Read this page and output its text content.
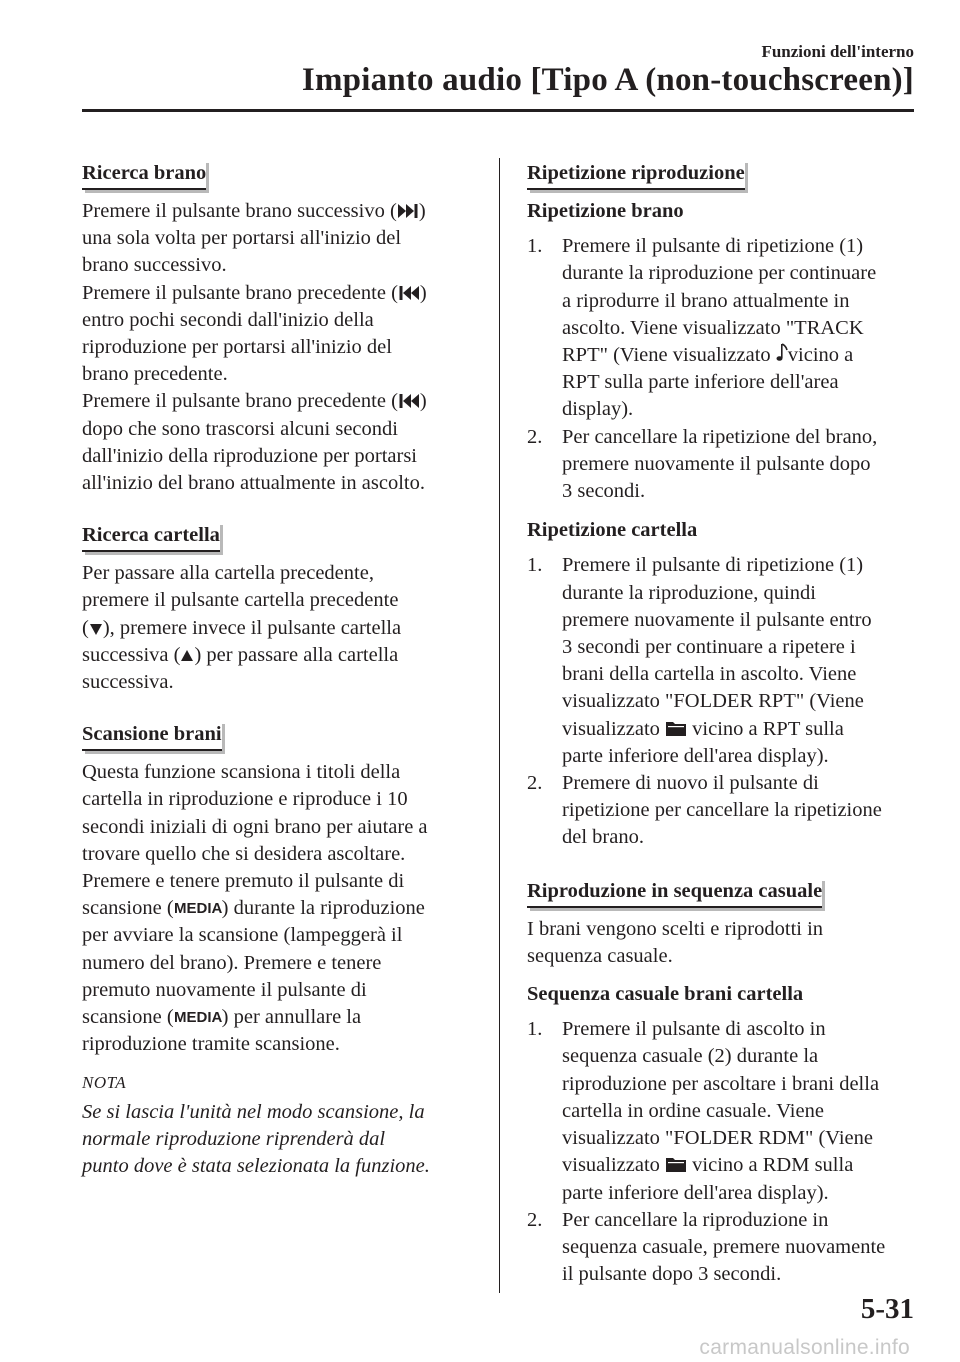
Funzioni dell'interno
Impianto audio [Tipo A (non-touchscreen)]
Ricerca brano

Premere il pulsante brano successivo ( )
una sola volta per portarsi all'inizio del
brano successivo.

Premere il pulsante brano precedente ( )
entro pochi secondi dall'inizio della
riproduzione per portarsi all'inizio del
brano precedente.

Premere il pulsante brano precedente ( )
dopo che sono trascorsi alcuni secondi
dall'inizio della riproduzione per portarsi
all'inizio del brano attualmente in ascolto.

Ricerca cartella

Per passare alla cartella precedente,
premere il pulsante cartella precedente
( ), premere invece il pulsante cartella
successiva ( ) per passare alla cartella
successiva.

Scansione brani

Questa funzione scansiona i titoli della
cartella in riproduzione e riproduce i 10
secondi iniziali di ogni brano per aiutare a
trovare quello che si desidera ascoltare.
Premere e tenere premuto il pulsante di
scansione ( MEDIA ) durante la riproduzione
per avviare la scansione (lampeggerà il
numero del brano). Premere e tenere
premuto nuovamente il pulsante di
scansione ( MEDIA ) per annullare la
riproduzione tramite scansione.

NOTA

Se si lascia l'unità nel modo scansione, la
normale riproduzione riprenderà dal
punto dove è stata selezionata la funzione.

Ripetizione riproduzione
Ripetizione brano
1. Premere il pulsante di ripetizione (1)
durante la riproduzione per continuare
a riprodurre il brano attualmente in
ascolto. Viene visualizzato "TRACK
RPT" (Viene visualizzato vicino a
RPT sulla parte inferiore dell'area
display).
2. Per cancellare la ripetizione del brano,
premere nuovamente il pulsante dopo
3 secondi.
Ripetizione cartella
1. Premere il pulsante di ripetizione (1)
durante la riproduzione, quindi
premere nuovamente il pulsante entro
3 secondi per continuare a ripetere i
brani della cartella in ascolto. Viene
visualizzato "FOLDER RPT" (Viene
visualizzato  vicino a RPT sulla
parte inferiore dell'area display).
2. Premere di nuovo il pulsante di
ripetizione per cancellare la ripetizione
del brano.
Riproduzione in sequenza casuale

I brani vengono scelti e riprodotti in
sequenza casuale.

Sequenza casuale brani cartella
1. Premere il pulsante di ascolto in
sequenza casuale (2) durante la
riproduzione per ascoltare i brani della
cartella in ordine casuale. Viene
visualizzato "FOLDER RDM" (Viene
visualizzato  vicino a RDM sulla
parte inferiore dell'area display).
2. Per cancellare la riproduzione in
sequenza casuale, premere nuovamente
il pulsante dopo 3 secondi.
5-31
carmanualsonline.info
